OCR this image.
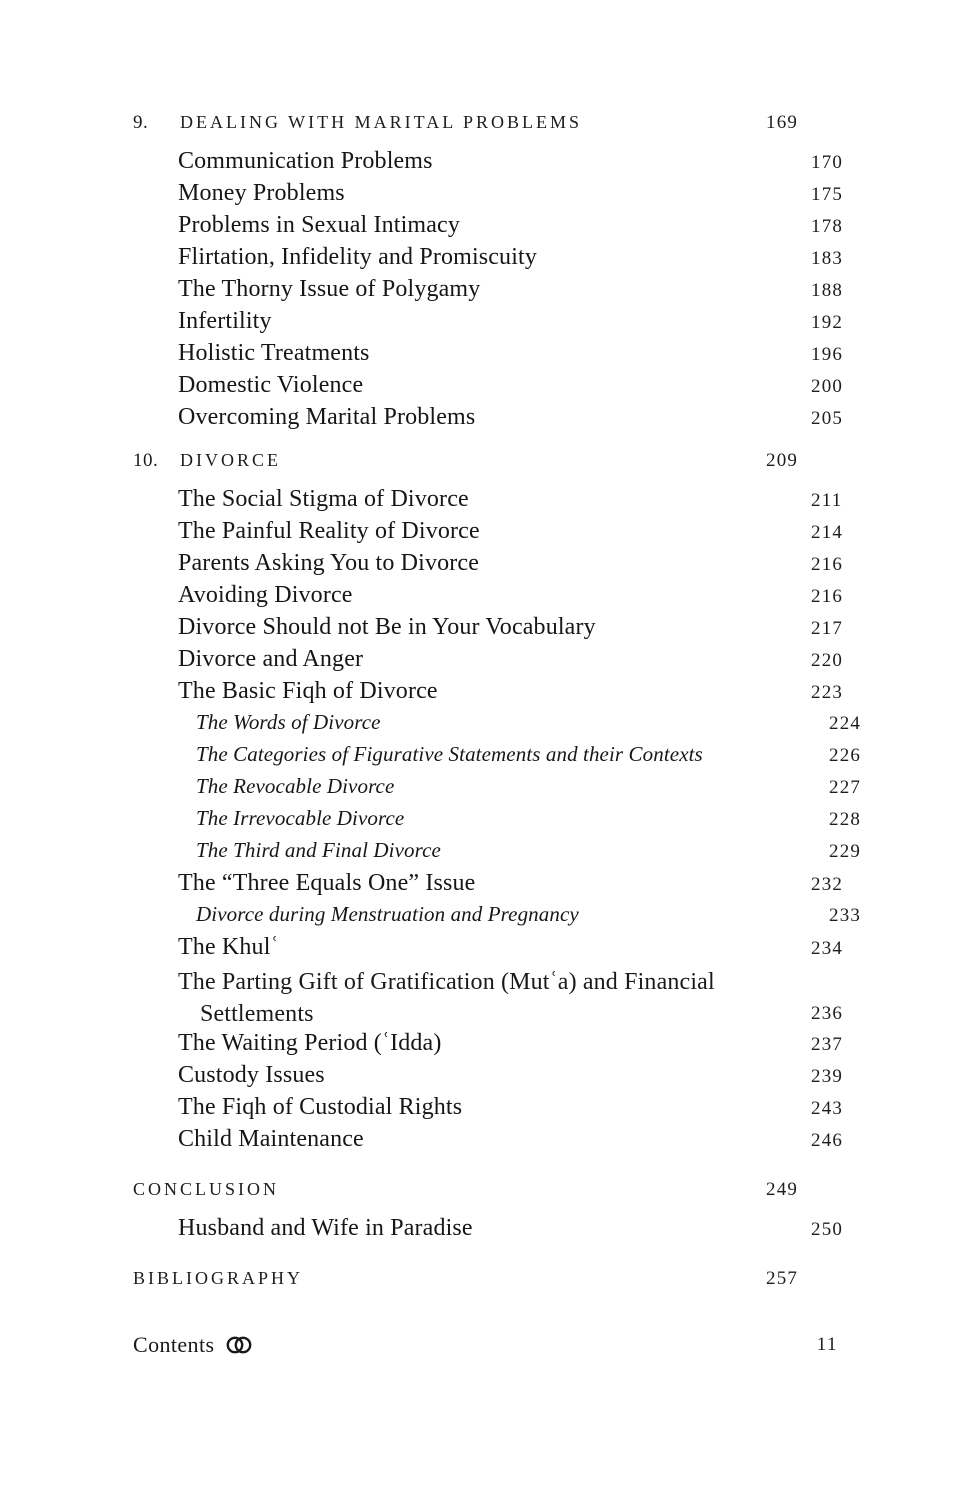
9.	DEALING WITH MARITAL PROBLEMS	169
Communication Problems	170
Money Problems	175
Problems in Sexual Intimacy	178
Flirtation, Infidelity and Promiscuity	183
The Thorny Issue of Polygamy	188
Infertility	192
Holistic Treatments	196
Domestic Violence	200
Overcoming Marital Problems	205
10.	DIVORCE	209
The Social Stigma of Divorce	211
The Painful Reality of Divorce	214
Parents Asking You to Divorce	216
Avoiding Divorce	216
Divorce Should not Be in Your Vocabulary	217
Divorce and Anger	220
The Basic Fiqh of Divorce	223
The Words of Divorce	224
The Categories of Figurative Statements and their Contexts	226
The Revocable Divorce	227
The Irrevocable Divorce	228
The Third and Final Divorce	229
The “Three Equals One” Issue	232
Divorce during Menstruation and Pregnancy	233
The Khulʿ	234
The Parting Gift of Gratification (Mutʿa) and Financial Settlements	236
The Waiting Period (ʿIdda)	237
Custody Issues	239
The Fiqh of Custodial Rights	243
Child Maintenance	246
CONCLUSION	249
Husband and Wife in Paradise	250
BIBLIOGRAPHY	257
Contents	11
